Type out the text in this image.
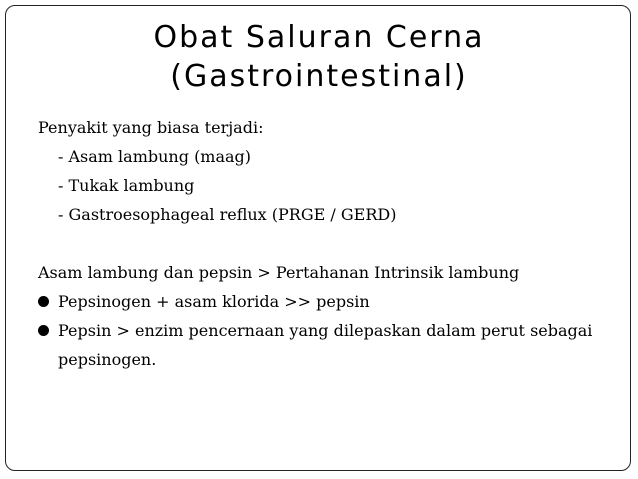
Obat Saluran Cerna
(Gastrointestinal)
Penyakit yang biasa terjadi:
- Asam lambung (maag)
- Tukak lambung
- Gastroesophageal reflux (PRGE / GERD)
Asam lambung dan pepsin > Pertahanan Intrinsik lambung
Pepsinogen + asam klorida >> pepsin
Pepsin > enzim pencernaan yang dilepaskan dalam perut sebagai pepsinogen.
